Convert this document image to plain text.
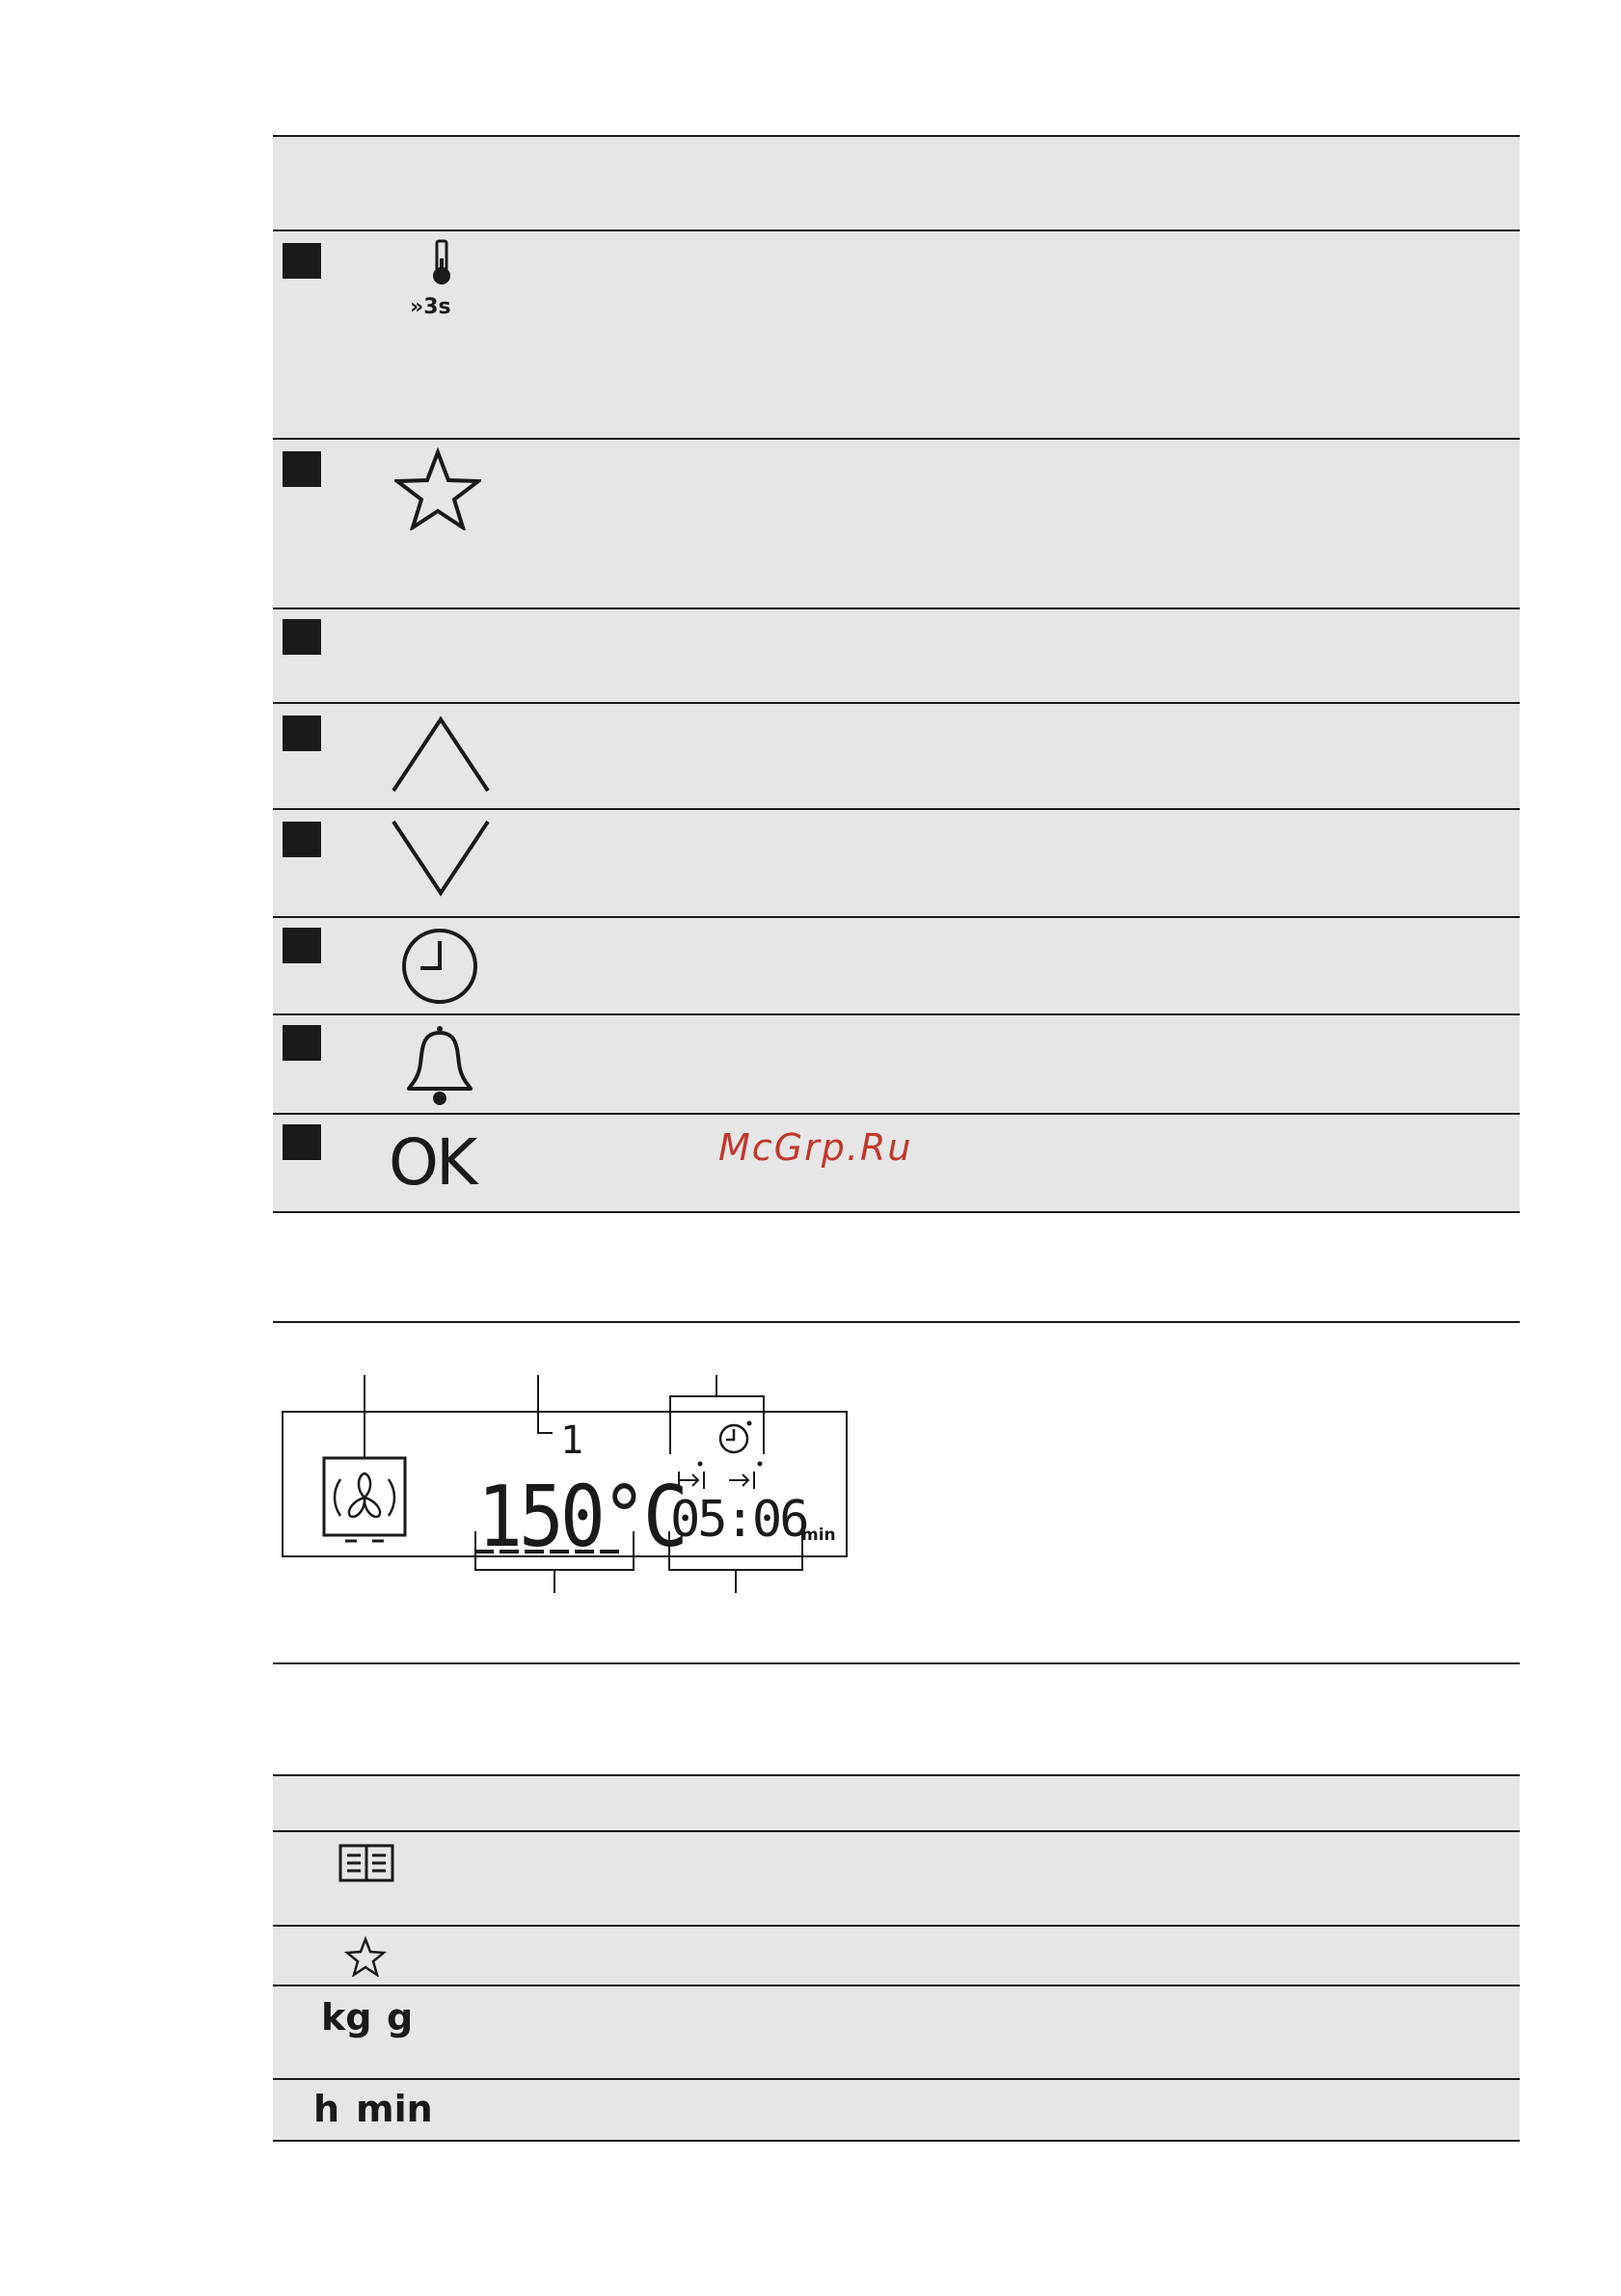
»3s
OK	McGrp.Ru
1
150°C
05:06
min
kg g
h min
